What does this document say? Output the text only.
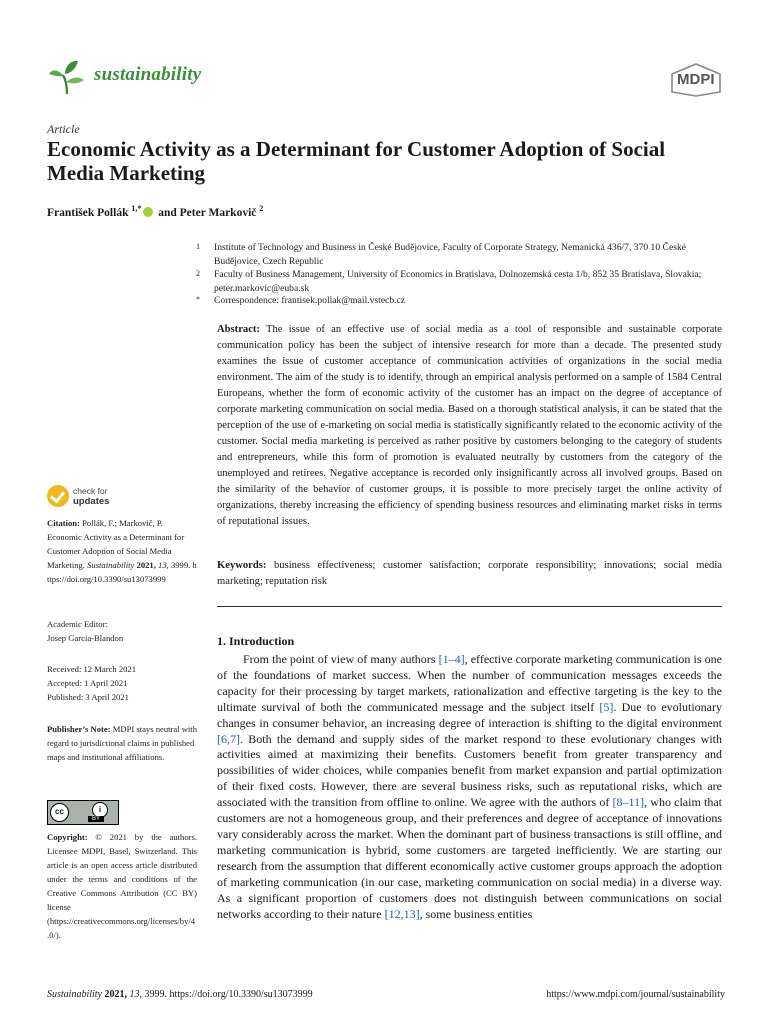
sustainability	MDPI
Article
Economic Activity as a Determinant for Customer Adoption of Social Media Marketing
František Pollák $^{1,*}$ and Peter Markovič $^2$
1 Institute of Technology and Business in České Budějovice, Faculty of Corporate Strategy, Nemanická 436/7, 370 10 České Budějovice, Czech Republic
2 Faculty of Business Management, University of Economics in Bratislava, Dolnozemská cesta 1/b, 852 35 Bratislava, Slovakia; peter.markovic@euba.sk
* Correspondence: frantisek.pollak@mail.vstecb.cz
Abstract: The issue of an effective use of social media as a tool of responsible and sustainable corporate communication policy has been the subject of intensive research for more than a decade. The presented study examines the issue of customer acceptance of communication activities of organizations in the social media environment. The aim of the study is to identify, through an empirical analysis performed on a sample of 1584 Central Europeans, whether the form of economic activity of the customer has an impact on the degree of acceptance of corporate marketing communication on social media. Based on a thorough statistical analysis, it can be stated that the perception of the use of e-marketing on social media is statistically significantly related to the economic activity of the customer. Social media marketing is perceived as rather positive by customers belonging to the category of students and entrepreneurs, while this form of promotion is evaluated neutrally by customers from the category of the unemployed and retirees. Negative acceptance is recorded only insignificantly across all involved groups. Based on the similarity of the behavior of customer groups, it is possible to more precisely target the online activity of organizations, thereby increasing the efficiency of spending business resources and eliminating market risks in terms of reputational issues.
Keywords: business effectiveness; customer satisfaction; corporate responsibility; innovations; social media marketing; reputation risk
1. Introduction
From the point of view of many authors [1–4], effective corporate marketing communication is one of the foundations of market success. When the number of communication messages exceeds the capacity for their processing by target markets, rationalization and effective targeting is the key to the ultimate survival of both the communicated message and the subject itself [5]. Due to evolutionary changes in consumer behavior, an increasing degree of interaction is shifting to the digital environment [6,7]. Both the demand and supply sides of the market respond to these evolutionary changes with activities aimed at maximizing their benefits. Customers benefit from greater transparency and possibilities of wider choices, while companies benefit from market expansion and partial optimization of their fixed costs. However, there are several business risks, such as reputational risks, which are associated with the transition from offline to online. We agree with the authors of [8–11], who claim that customers are not a homogeneous group, and their preferences and degree of acceptance of innovations vary considerably across the market. When the dominant part of business transactions is still offline, and marketing communication is hybrid, some customers are targeted inefficiently. We are starting our research from the assumption that different economically active customer groups approach the adoption of marketing communication (in our case, marketing communication on social media) in a diverse way. As a significant proportion of customers does not distinguish between communications on social networks according to their nature [12,13], some business entities
check for
updates
Citation: Pollák, F.; Markovič, P. Economic Activity as a Determinant for Customer Adoption of Social Media Marketing. Sustainability 2021, 13, 3999. https://doi.org/10.3390/su13073999
Academic Editor:
Josep Garcia-Blandon
Received: 12 March 2021
Accepted: 1 April 2021
Published: 3 April 2021
Publisher’s Note: MDPI stays neutral with regard to jurisdictional claims in published maps and institutional affiliations.
cc	i
BY
Copyright: © 2021 by the authors. Licensee MDPI, Basel, Switzerland. This article is an open access article distributed under the terms and conditions of the Creative Commons Attribution (CC BY) license (https://creativecommons.org/licenses/by/4.0/).
Sustainability 2021, 13, 3999. https://doi.org/10.3390/su13073999	https://www.mdpi.com/journal/sustainability
